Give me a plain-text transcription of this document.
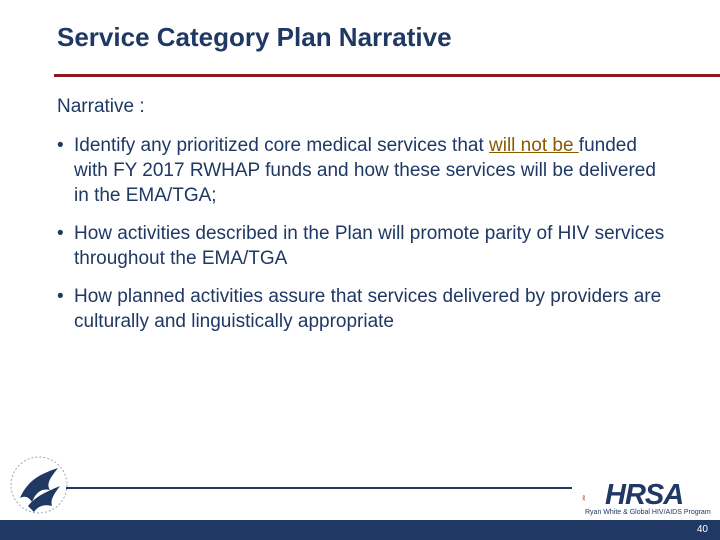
Service Category Plan Narrative
Narrative :
• Identify any prioritized core medical services that will not be funded with FY 2017 RWHAP funds and how these services will be delivered in the EMA/TGA;
• How activities described in the Plan will promote parity of HIV services throughout the EMA/TGA
• How planned activities assure that services delivered by providers are culturally and linguistically appropriate
HRSA
Ryan White & Global HIV/AIDS Program
40
